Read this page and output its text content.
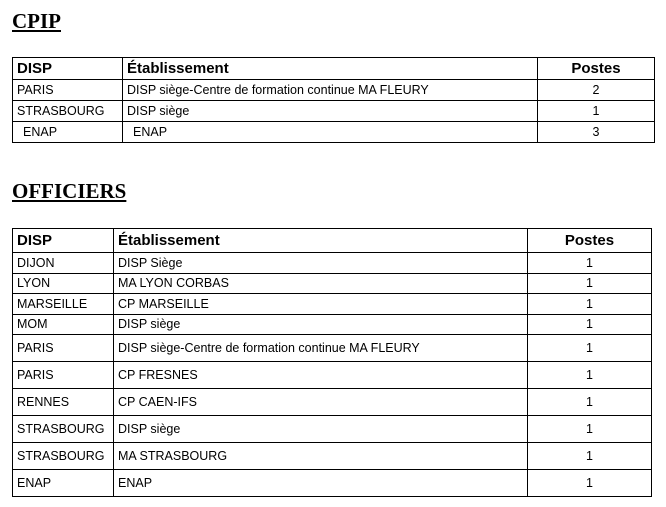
CPIP
DISP	Établissement	Postes
PARIS	DISP siège-Centre de formation continue MA FLEURY	2
STRASBOURG	DISP siège	1
ENAP	ENAP	3
OFFICIERS
DISP	Établissement	Postes
DIJON	DISP Siège	1
LYON	MA LYON CORBAS	1
MARSEILLE	CP MARSEILLE	1
MOM	DISP siège	1
PARIS	DISP siège-Centre de formation continue MA FLEURY	1
PARIS	CP FRESNES	1
RENNES	CP CAEN-IFS	1
STRASBOURG	DISP siège	1
STRASBOURG	MA STRASBOURG	1
ENAP	ENAP	1
